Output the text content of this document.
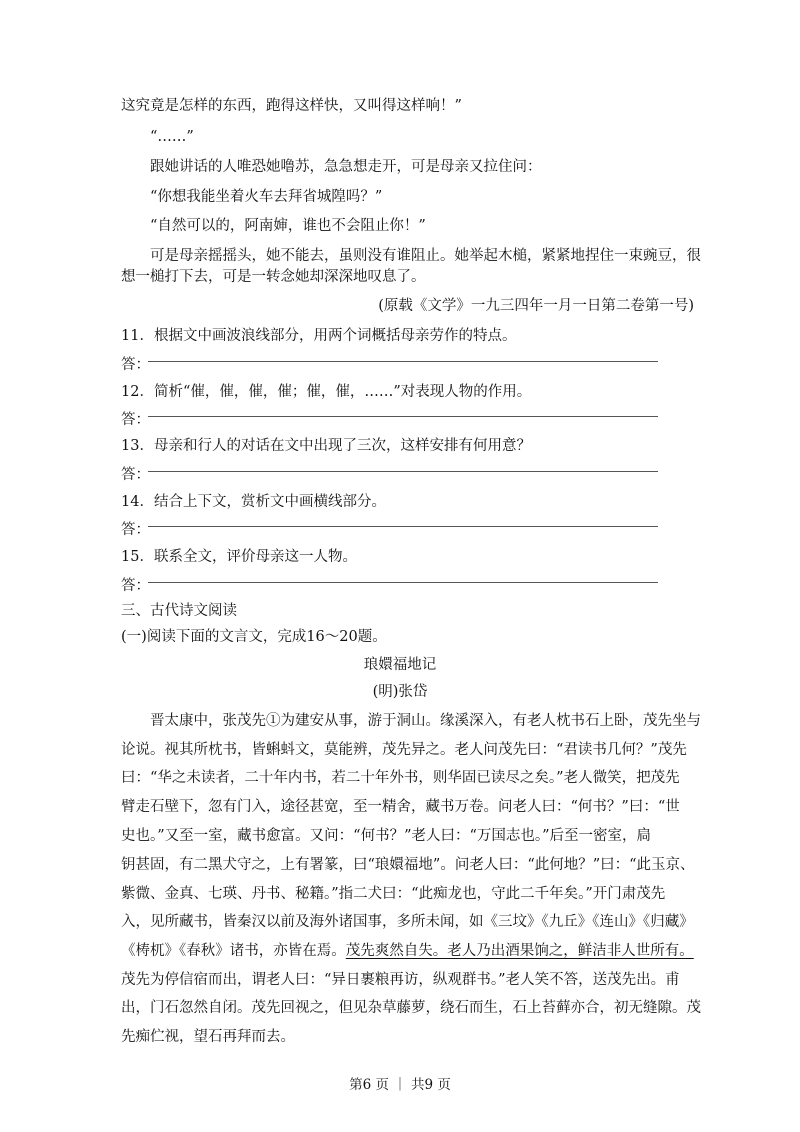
这究竟是怎样的东西，跑得这样快，又叫得这样响！”
“……”
跟她讲话的人唯恐她噜苏，急急想走开，可是母亲又拉住问：
“你想我能坐着火车去拜省城隍吗？”
“自然可以的，阿南婶，谁也不会阻止你！”
可是母亲摇摇头，她不能去，虽则没有谁阻止。她举起木槌，紧紧地捏住一束豌豆，很
想一槌打下去，可是一转念她却深深地叹息了。
(原载《文学》一九三四年一月一日第二卷第一号)
11．根据文中画波浪线部分，用两个词概括母亲劳作的特点。
答：
12．简析“催，催，催，催；催，催，……”对表现人物的作用。
答：
13．母亲和行人的对话在文中出现了三次，这样安排有何用意？
答：
14．结合上下文，赏析文中画横线部分。
答：
15．联系全文，评价母亲这一人物。
答：
三、古代诗文阅读
(一)阅读下面的文言文，完成16～20题。
琅嬛福地记
(明)张岱
晋太康中，张茂先①为建安从事，游于洞山。缘溪深入，有老人枕书石上卧，茂先坐与
论说。视其所枕书，皆蝌蚪文，莫能辨，茂先异之。老人问茂先曰：“君读书几何？”茂先
曰：“华之未读者，二十年内书，若二十年外书，则华固已读尽之矣。”老人微笑，把茂先
臂走石壁下，忽有门入，途径甚宽，至一精舍，藏书万卷。问老人曰：“何书？”曰：“世
史也。”又至一室，藏书愈富。又问：“何书？”老人曰：“万国志也。”后至一密室，扃
钥甚固，有二黑犬守之，上有署篆，曰“琅嬛福地”。问老人曰：“此何地？”曰：“此玉京、
紫微、金真、七瑛、丹书、秘籍。”指二犬曰：“此痴龙也，守此二千年矣。”开门肃茂先
入，见所藏书，皆秦汉以前及海外诸国事，多所未闻，如《三坟》《九丘》《连山》《归藏》
《梼杌》《春秋》诸书，亦皆在焉。茂先爽然自失。老人乃出酒果饷之，鲜洁非人世所有。
茂先为停信宿而出，谓老人曰：“异日裹粮再访，纵观群书。”老人笑不答，送茂先出。甫
出，门石忽然自闭。茂先回视之，但见杂草藤萝，绕石而生，石上苔藓亦合，初无缝隙。茂
先痴伫视，望石再拜而去。
第6 页 ｜ 共9 页
